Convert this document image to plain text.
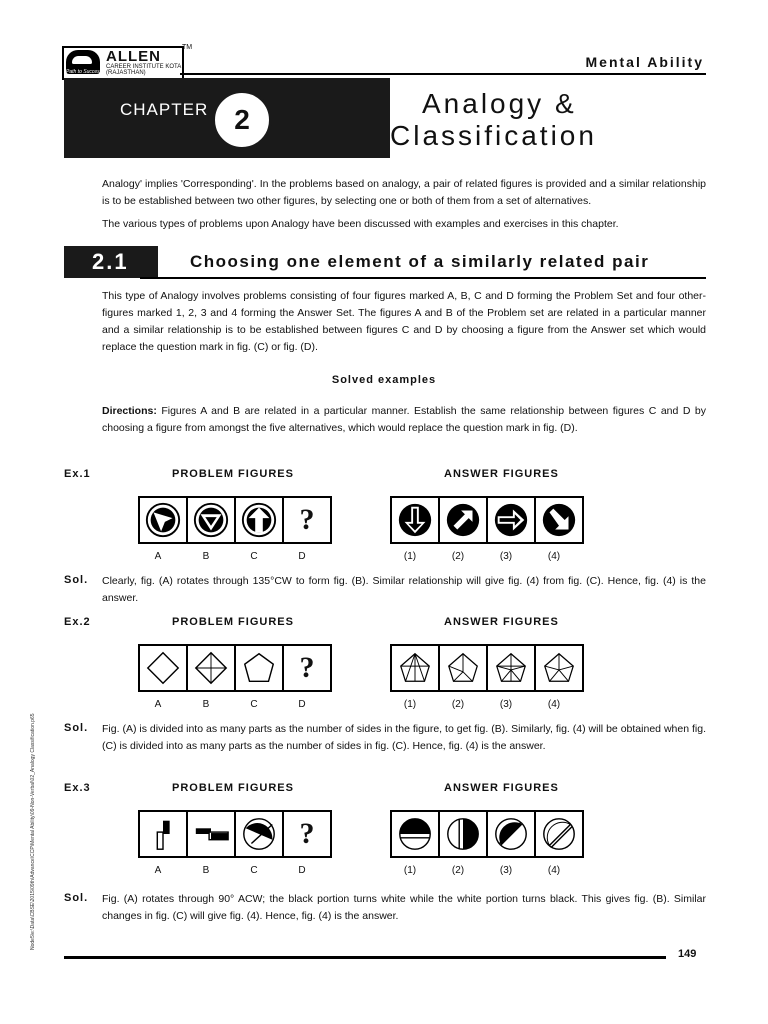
ALLEN
CAREER INSTITUTE KOTA (RAJASTHAN)
Path to Success
TM
Mental Ability
CHAPTER 2
Analogy &
Classification
Analogy' implies 'Corresponding'. In the problems based on analogy, a pair of related figures is provided and a similar relationship is to be established between two other figures, by selecting one or both of them from a set of alternatives.
The various types of problems upon Analogy have been discussed with examples and exercises in this chapter.
2.1	Choosing one element of a similarly related pair
This type of Analogy involves problems consisting of four figures marked A, B, C and D forming the Problem Set and four other-figures marked 1, 2, 3 and 4 forming the Answer Set. The figures A and B of the Problem set are related in a particular manner and a similar relationship is to be established between figures C and D by choosing a figure from the Answer set which would replace the question mark in fig. (C) or fig. (D).
Solved examples
Directions: Figures A and B are related in a particular manner. Establish the same relationship between figures C and D by choosing a figure from amongst the five alternatives, which would replace the question mark in fig. (D).
Ex.1	PROBLEM FIGURES	ANSWER FIGURES
?
A	B	C	D	(1)	(2)	(3)	(4)
Sol. Clearly, fig. (A) rotates through 135°CW to form fig. (B). Similar relationship will give fig. (4) from fig. (C). Hence, fig. (4) is the answer.
Ex.2	PROBLEM FIGURES	ANSWER FIGURES
?
A	B	C	D	(1)	(2)	(3)	(4)
Sol. Fig. (A) is divided into as many parts as the number of sides in the figure, to get fig. (B). Similarly, fig. (4) will be obtained when fig. (C) is divided into as many parts as the number of sides in fig. (C). Hence, fig. (4) is the answer.
Ex.3	PROBLEM FIGURES	ANSWER FIGURES
?
A	B	C	D	(1)	(2)	(3)	(4)
Sol. Fig. (A) rotates through 90° ACW; the black portion turns white while the white portion turns black. This gives fig. (B). Similar changes in fig. (C) will give fig. (4). Hence, fig. (4) is the answer.
Node5\e:\Data\CBSE\2015\09th\Advance\CCP\Mental Ability\09-Non-Verbal\02_Analogy Classification.p65
149
